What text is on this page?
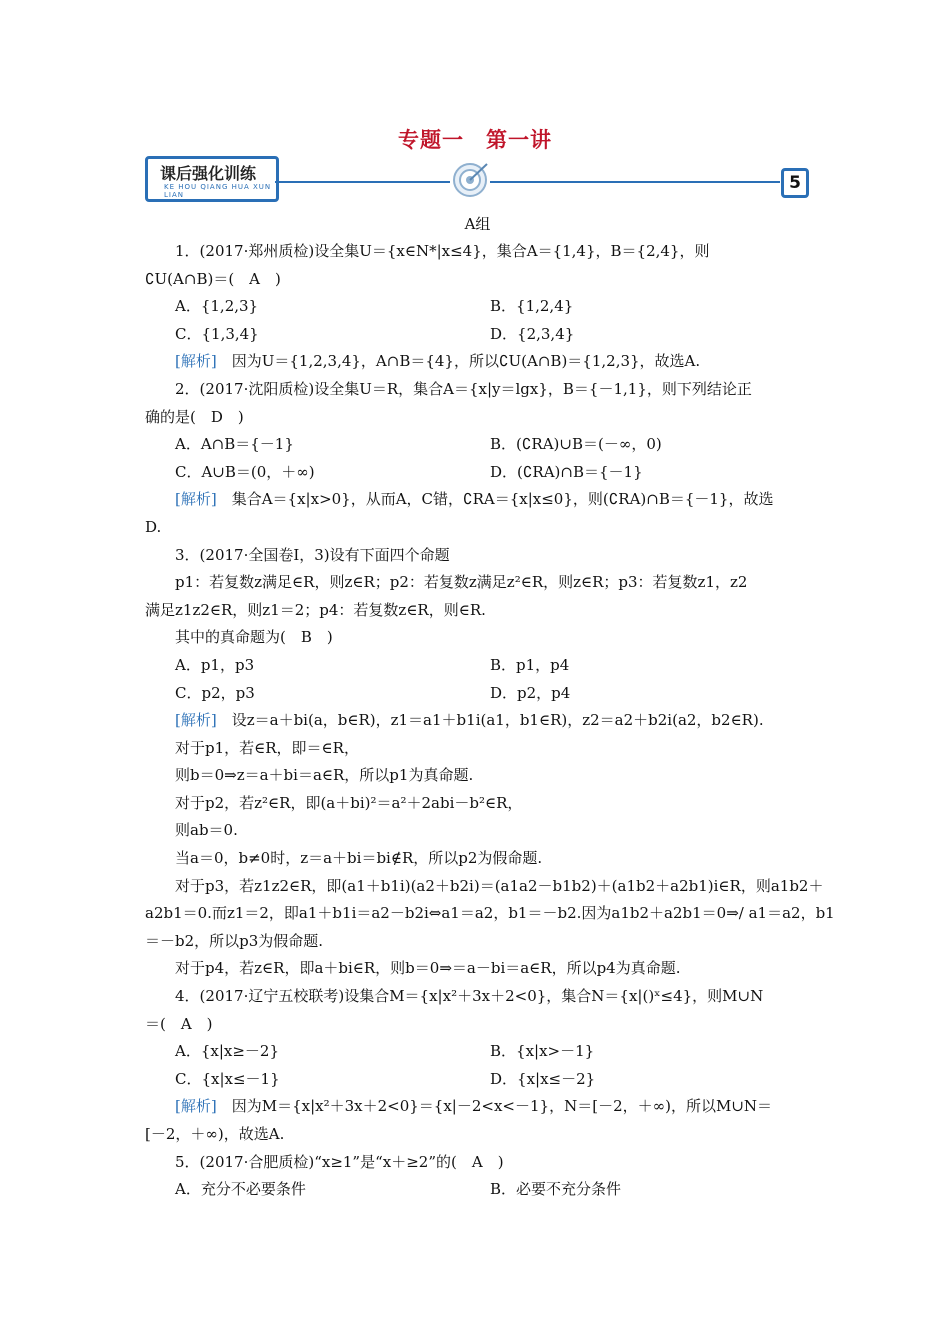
专题一　第一讲
课后强化训练
KE HOU QIANG HUA XUN LIAN
5
A组
1．(2017·郑州质检)设全集U＝{x∈N*|x≤4}，集合A＝{1,4}，B＝{2,4}，则
∁U(A∩B)＝(　A　)
A．{1,2,3}	B．{1,2,4}
C．{1,3,4}	D．{2,3,4}
[解析]　因为U＝{1,2,3,4}，A∩B＝{4}，所以∁U(A∩B)＝{1,2,3}，故选A.
2．(2017·沈阳质检)设全集U＝R，集合A＝{x|y＝lgx}，B＝{－1,1}，则下列结论正
确的是(　D　)
A．A∩B＝{－1}	B．(∁RA)∪B＝(－∞，0)
C．A∪B＝(0，＋∞)	D．(∁RA)∩B＝{－1}
[解析]　集合A＝{x|x>0}，从而A，C错，∁RA＝{x|x≤0}，则(∁RA)∩B＝{－1}，故选
D.
3．(2017·全国卷Ⅰ，3)设有下面四个命题
p1：若复数z满足∈R，则z∈R；p2：若复数z满足z²∈R，则z∈R；p3：若复数z1，z2
满足z1z2∈R，则z1＝2；p4：若复数z∈R，则∈R.
其中的真命题为(　B　)
A．p1，p3	B．p1，p4
C．p2，p3	D．p2，p4
[解析]　设z＝a＋bi(a，b∈R)，z1＝a1＋b1i(a1，b1∈R)，z2＝a2＋b2i(a2，b2∈R).
对于p1，若∈R，即＝∈R，
则b＝0⇒z＝a＋bi＝a∈R，所以p1为真命题.
对于p2，若z²∈R，即(a＋bi)²＝a²＋2abi－b²∈R，
则ab＝0.
当a＝0，b≠0时，z＝a＋bi＝bi∉R，所以p2为假命题.
对于p3，若z1z2∈R，即(a1＋b1i)(a2＋b2i)＝(a1a2－b1b2)＋(a1b2＋a2b1)i∈R，则a1b2＋
a2b1＝0.而z1＝2，即a1＋b1i＝a2－b2i⇔a1＝a2，b1＝－b2.因为a1b2＋a2b1＝0⇒/ a1＝a2，b1
＝－b2，所以p3为假命题.
对于p4，若z∈R，即a＋bi∈R，则b＝0⇒＝a－bi＝a∈R，所以p4为真命题.
4．(2017·辽宁五校联考)设集合M＝{x|x²＋3x＋2<0}，集合N＝{x|()ˣ≤4}，则M∪N
＝(　A　)
A．{x|x≥－2}	B．{x|x>－1}
C．{x|x≤－1}	D．{x|x≤－2}
[解析]　因为M＝{x|x²＋3x＋2<0}＝{x|－2<x<－1}，N＝[－2，＋∞)，所以M∪N＝
[－2，＋∞)，故选A.
5．(2017·合肥质检)“x≥1”是“x＋≥2”的(　A　)
A．充分不必要条件	B．必要不充分条件
